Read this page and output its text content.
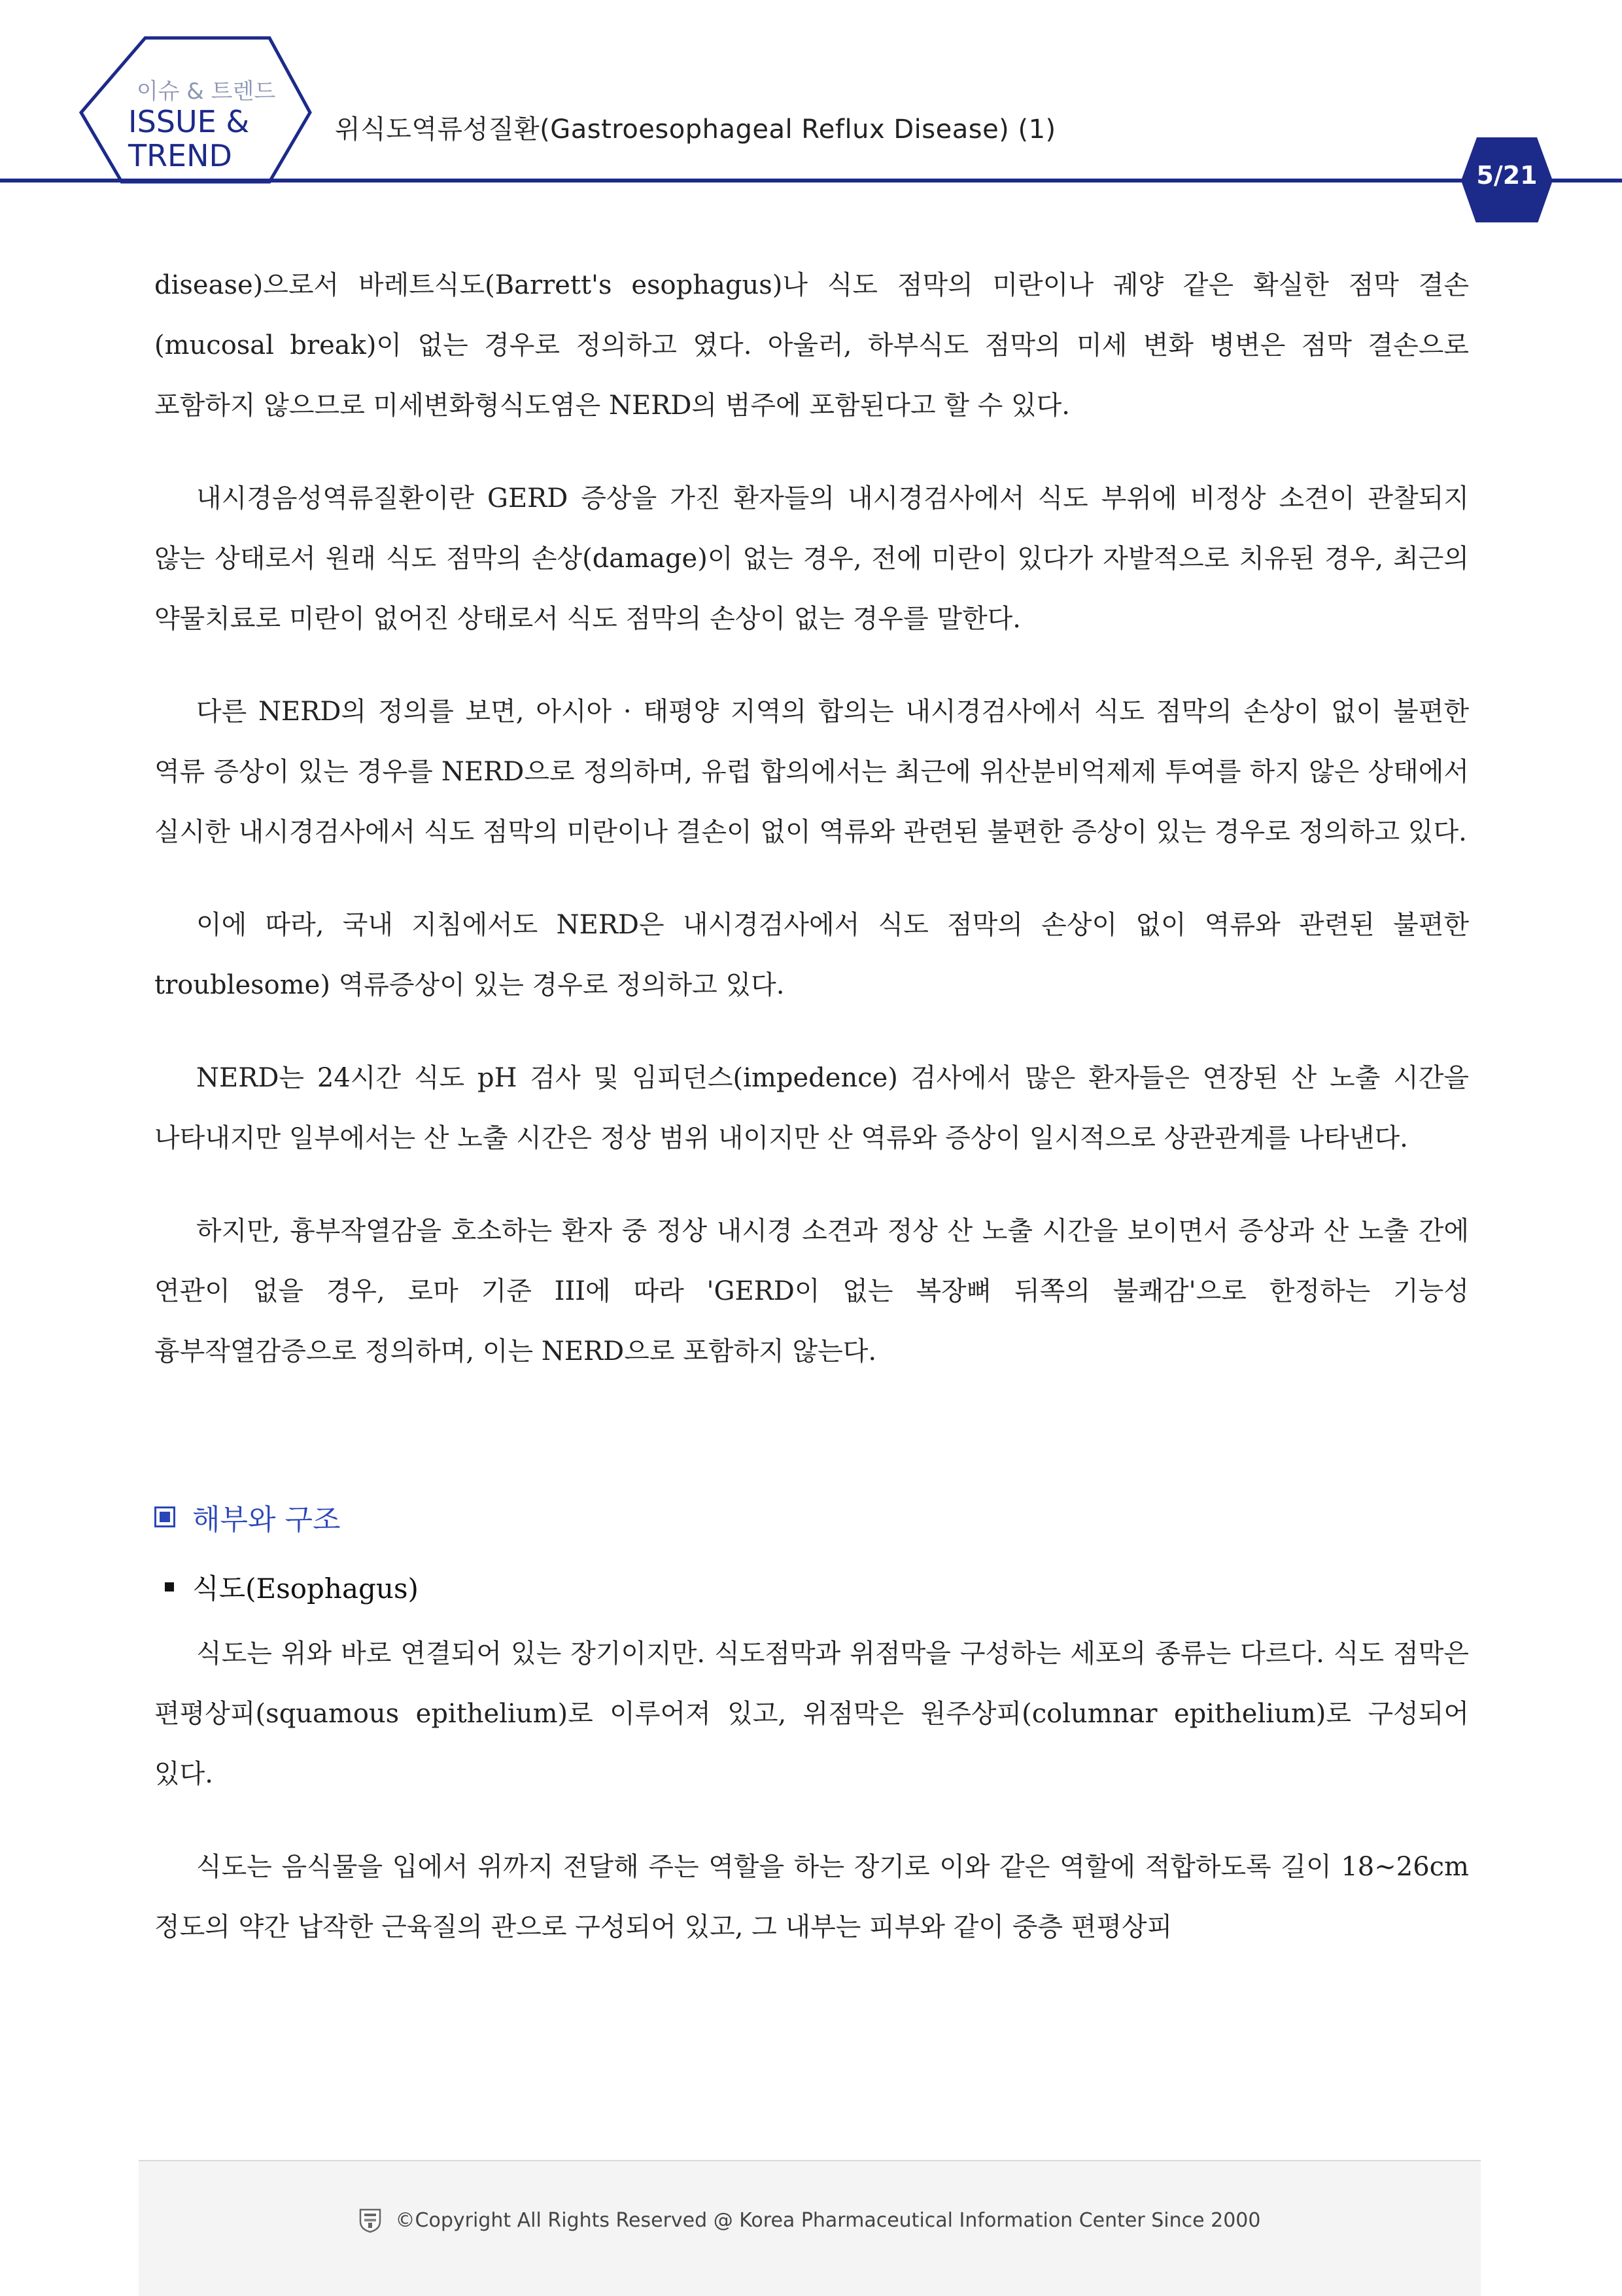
이슈 & 트렌드
ISSUE &
TREND
위식도역류성질환(Gastroesophageal Reflux Disease) (1)
5/21

disease)으로서 바레트식도(Barrett's esophagus)나 식도 점막의 미란이나 궤양 같은 확실한 점막 결손(mucosal break)이 없는 경우로 정의하고 였다. 아울러, 하부식도 점막의 미세 변화 병변은 점막 결손으로 포함하지 않으므로 미세변화형식도염은 NERD의 범주에 포함된다고 할 수 있다.

내시경음성역류질환이란 GERD 증상을 가진 환자들의 내시경검사에서 식도 부위에 비정상 소견이 관찰되지 않는 상태로서 원래 식도 점막의 손상(damage)이 없는 경우, 전에 미란이 있다가 자발적으로 치유된 경우, 최근의 약물치료로 미란이 없어진 상태로서 식도 점막의 손상이 없는 경우를 말한다.

다른 NERD의 정의를 보면, 아시아 · 태평양 지역의 합의는 내시경검사에서 식도 점막의 손상이 없이 불편한 역류 증상이 있는 경우를 NERD으로 정의하며, 유럽 합의에서는 최근에 위산분비억제제 투여를 하지 않은 상태에서 실시한 내시경검사에서 식도 점막의 미란이나 결손이 없이 역류와 관련된 불편한 증상이 있는 경우로 정의하고 있다.

이에 따라, 국내 지침에서도 NERD은 내시경검사에서 식도 점막의 손상이 없이 역류와 관련된 불편한 troublesome) 역류증상이 있는 경우로 정의하고 있다.

NERD는 24시간 식도 pH 검사 및 임피던스(impedence) 검사에서 많은 환자들은 연장된 산 노출 시간을 나타내지만 일부에서는 산 노출 시간은 정상 범위 내이지만 산 역류와 증상이 일시적으로 상관관계를 나타낸다.

하지만, 흉부작열감을 호소하는 환자 중 정상 내시경 소견과 정상 산 노출 시간을 보이면서 증상과 산 노출 간에 연관이 없을 경우, 로마 기준 III에 따라 'GERD이 없는 복장뼈 뒤쪽의 불쾌감'으로 한정하는 기능성 흉부작열감증으로 정의하며, 이는 NERD으로 포함하지 않는다.

해부와 구조
식도(Esophagus)

식도는 위와 바로 연결되어 있는 장기이지만. 식도점막과 위점막을 구성하는 세포의 종류는 다르다. 식도 점막은 편평상피(squamous epithelium)로 이루어져 있고, 위점막은 원주상피(columnar epithelium)로 구성되어 있다.

식도는 음식물을 입에서 위까지 전달해 주는 역할을 하는 장기로 이와 같은 역할에 적합하도록 길이 18∼26cm 정도의 약간 납작한 근육질의 관으로 구성되어 있고, 그 내부는 피부와 같이 중층 편평상피

©Copyright All Rights Reserved @ Korea Pharmaceutical Information Center Since 2000
